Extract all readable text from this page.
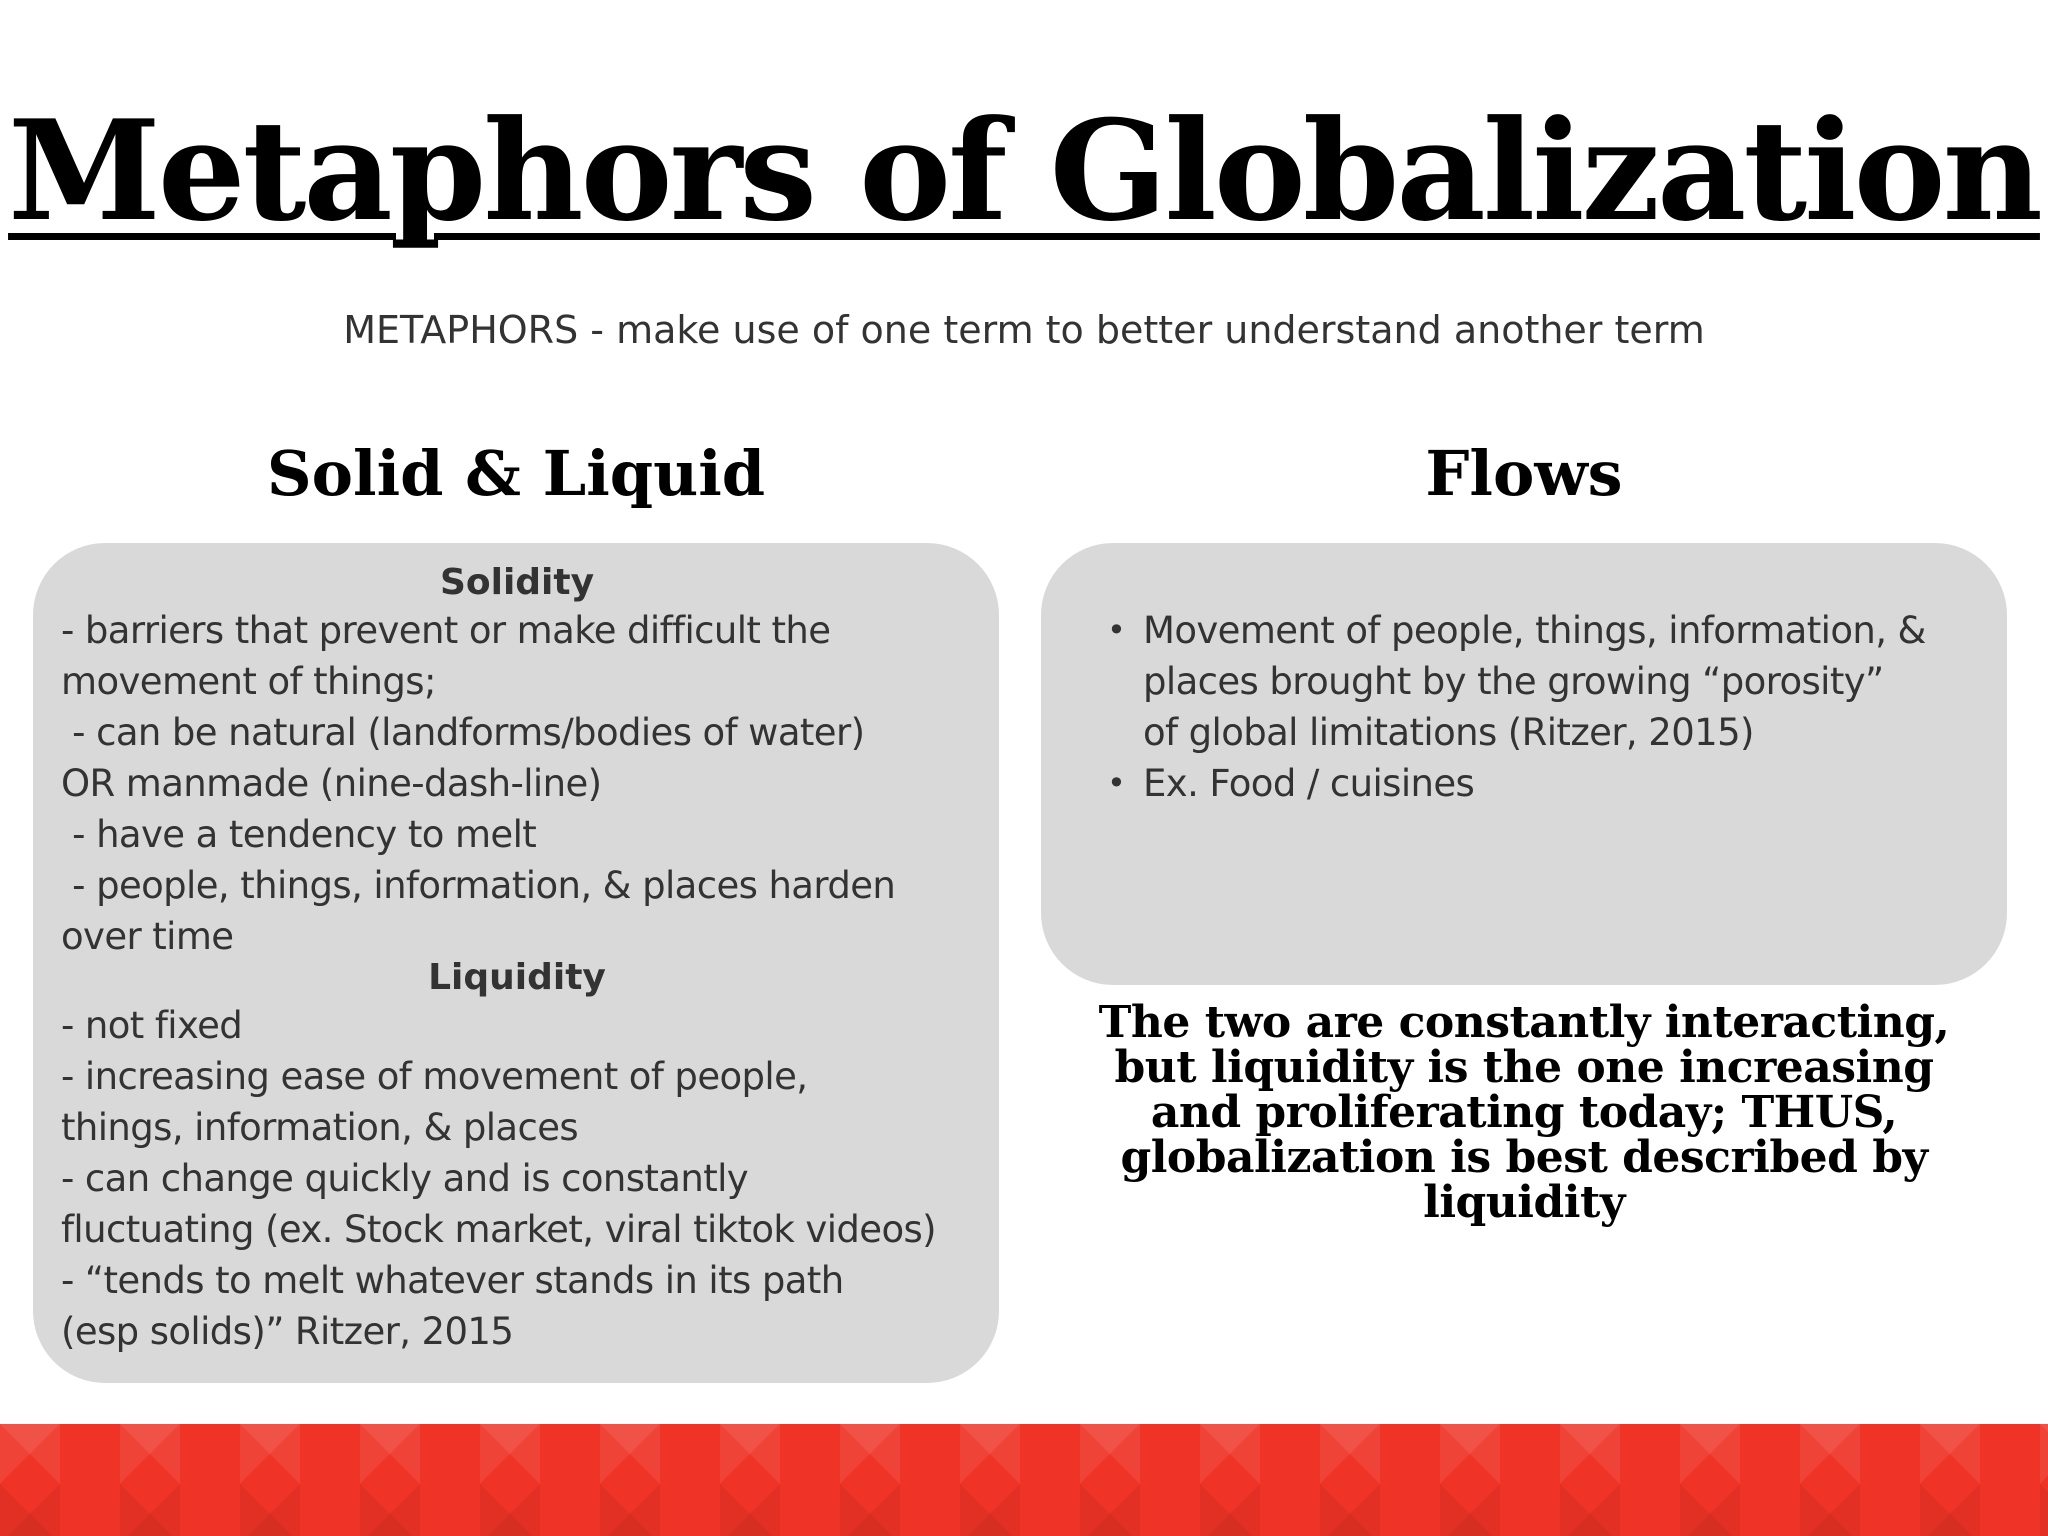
Metaphors of Globalization
METAPHORS - make use of one term to better understand another term
Solid & Liquid	Flows
Solidity
- barriers that prevent or make difficult the
movement of things;
- can be natural (landforms/bodies of water)
OR manmade (nine-dash-line)
- have a tendency to melt
- people, things, information, & places harden
over time
Liquidity
- not fixed
- increasing ease of movement of people,
things, information, & places
- can change quickly and is constantly
fluctuating (ex. Stock market, viral tiktok videos)
- “tends to melt whatever stands in its path
(esp solids)” Ritzer, 2015
• Movement of people, things, information, &
places brought by the growing “porosity”
of global limitations (Ritzer, 2015)
• Ex. Food / cuisines
The two are constantly interacting,
but liquidity is the one increasing
and proliferating today; THUS,
globalization is best described by
liquidity
